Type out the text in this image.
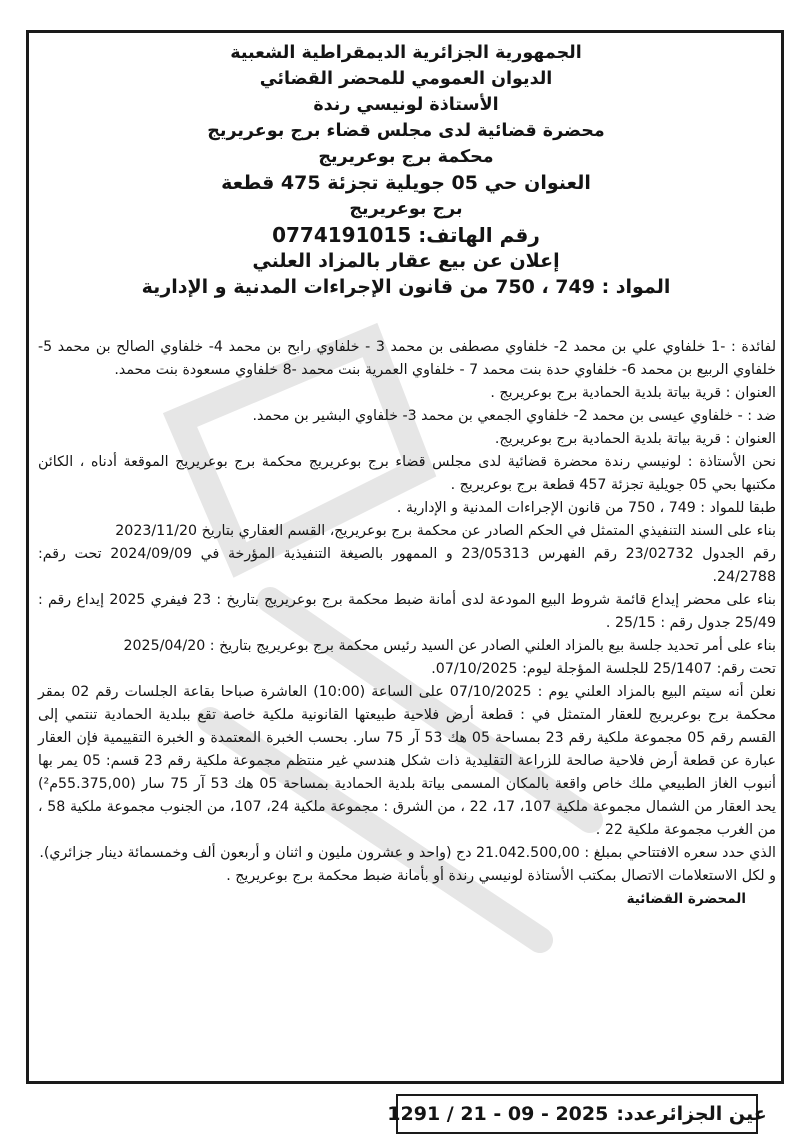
الجمهورية الجزائرية الديمقراطية الشعبية

الديوان العمومي للمحضر القضائي

الأستاذة لونيسي رندة

محضرة قضائية لدى مجلس قضاء برج بوعريريج

محكمة برج بوعريريج

العنوان حي 05 جويلية تجزئة 475 قطعة

برج بوعريريج

رقم الهاتف: 0774191015

إعلان عن بيع عقار بالمزاد العلني

المواد : 749 ، 750 من قانون الإجراءات المدنية و الإدارية

لفائدة : -1 خلفاوي علي بن محمد 2- خلفاوي مصطفى بن محمد 3 - خلفاوي رابح بن محمد 4- خلفاوي الصالح بن محمد 5- خلفاوي الربيع بن محمد 6- خلفاوي حدة بنت محمد 7 - خلفاوي العمرية بنت محمد -8 خلفاوي مسعودة بنت محمد.

العنوان : قرية بياتة بلدية الحمادية برج بوعريريج .

ضد : - خلفاوي عيسى بن محمد 2- خلفاوي الجمعي بن محمد 3- خلفاوي البشير بن محمد.

العنوان : قرية بياتة بلدية الحمادية برج بوعريريج.

نحن الأستاذة : لونيسي رندة محضرة قضائية لدى مجلس قضاء برج بوعريريج محكمة برج بوعريريج الموقعة أدناه ، الكائن مكتبها بحي 05 جويلية تجزئة 457 قطعة برج بوعريريج .

طبقا للمواد : 749 ، 750 من قانون الإجراءات المدنية و الإدارية .

بناء على السند التنفيذي المتمثل في الحكم الصادر عن محكمة برج بوعريريج، القسم العقاري بتاريخ 2023/11/20

رقم الجدول 23/02732 رقم الفهرس 23/05313 و الممهور بالصيغة التنفيذية المؤرخة في 2024/09/09 تحت رقم: 24/2788.

بناء على محضر إيداع قائمة شروط البيع المودعة لدى أمانة ضبط محكمة برج بوعريريج بتاريخ : 23 فيفري 2025 إيداع رقم : 25/49 جدول رقم : 25/15 .

بناء على أمر تحديد جلسة بيع بالمزاد العلني الصادر عن السيد رئيس محكمة برج بوعريريج بتاريخ : 2025/04/20

تحت رقم: 25/1407 للجلسة المؤجلة ليوم: 07/10/2025.

نعلن أنه سيتم البيع بالمزاد العلني يوم : 07/10/2025 على الساعة (10:00) العاشرة صباحا بقاعة الجلسات رقم 02 بمقر محكمة برج بوعريريج للعقار المتمثل في : قطعة أرض فلاحية طبيعتها القانونية ملكية خاصة تقع ببلدية الحمادية تنتمي إلى القسم رقم 05 مجموعة ملكية رقم 23 بمساحة 05 هك 53 آر 75 سار. بحسب الخبرة المعتمدة و الخبرة التقييمية فإن العقار عبارة عن قطعة أرض فلاحية صالحة للزراعة التقليدية ذات شكل هندسي غير منتظم مجموعة ملكية رقم 23 قسم: 05 يمر بها أنبوب الغاز الطبيعي ملك خاص واقعة بالمكان المسمى بياتة بلدية الحمادية بمساحة 05 هك 53 آر 75 سار (55.375,00م²) يحد العقار من الشمال مجموعة ملكية 107، 17، 22 ، من الشرق : مجموعة ملكية 24، 107، من الجنوب مجموعة ملكية 58 ، من الغرب مجموعة ملكية 22 .

الذي حدد سعره الافتتاحي بمبلغ : 21.042.500,00 دج (واحد و عشرون مليون و اثنان و أربعون ألف وخمسمائة دينار جزائري).

و لكل الاستعلامات الاتصال بمكتب الأستاذة لونيسي رندة أو بأمانة ضبط محكمة برج بوعريريج .

المحضرة القضائية

عين الجزائرعدد:
1291 / 21 - 09 - 2025
